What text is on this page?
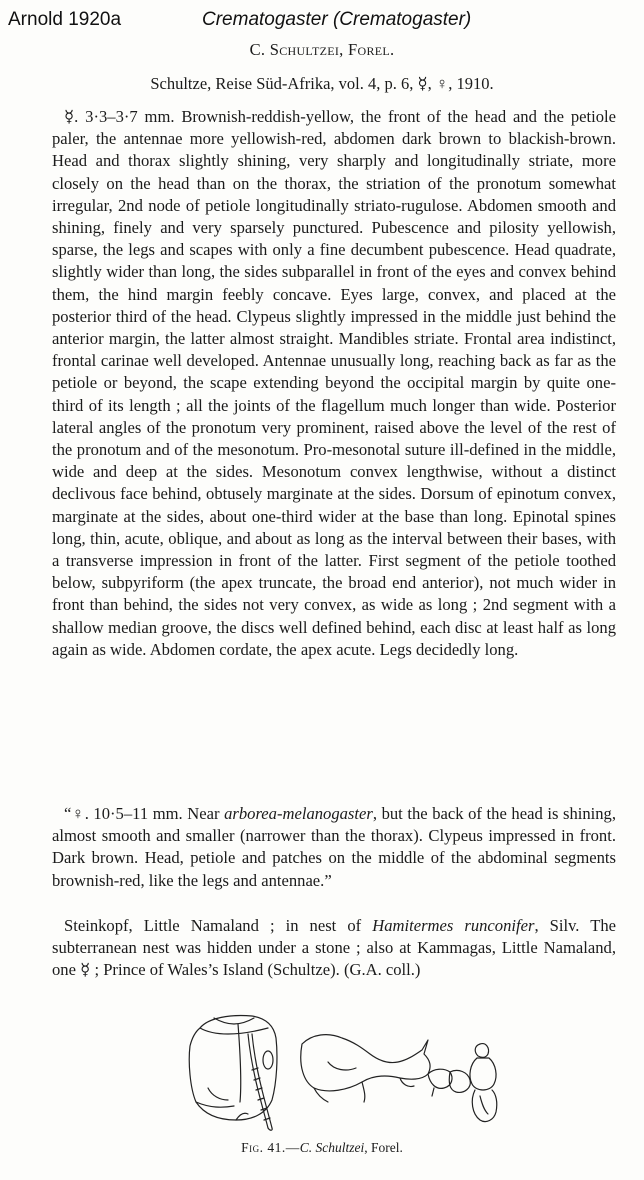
Arnold 1920a	Crematogaster (Crematogaster)
C. Schultzei, Forel.
Schultze, Reise Süd-Afrika, vol. 4, p. 6, ☿, ♀, 1910.

☿. 3·3–3·7 mm. Brownish-reddish-yellow, the front of the head and the petiole paler, the antennae more yellowish-red, abdomen dark brown to blackish-brown. Head and thorax slightly shining, very sharply and longitudinally striate, more closely on the head than on the thorax, the striation of the pronotum somewhat irregular, 2nd node of petiole longitudinally striato-rugulose. Abdomen smooth and shining, finely and very sparsely punctured. Pubescence and pilosity yellowish, sparse, the legs and scapes with only a fine decumbent pubescence. Head quadrate, slightly wider than long, the sides subparallel in front of the eyes and convex behind them, the hind margin feebly concave. Eyes large, convex, and placed at the posterior third of the head. Clypeus slightly impressed in the middle just behind the anterior margin, the latter almost straight. Mandibles striate. Frontal area indistinct, frontal carinae well developed. Antennae unusually long, reaching back as far as the petiole or beyond, the scape extending beyond the occipital margin by quite one-third of its length ; all the joints of the flagellum much longer than wide. Posterior lateral angles of the pronotum very prominent, raised above the level of the rest of the pronotum and of the mesonotum. Pro-mesonotal suture ill-defined in the middle, wide and deep at the sides. Mesonotum convex lengthwise, without a distinct declivous face behind, obtusely marginate at the sides. Dorsum of epinotum convex, marginate at the sides, about one-third wider at the base than long. Epinotal spines long, thin, acute, oblique, and about as long as the interval between their bases, with a transverse impression in front of the latter. First segment of the petiole toothed below, subpyriform (the apex truncate, the broad end anterior), not much wider in front than behind, the sides not very convex, as wide as long ; 2nd segment with a shallow median groove, the discs well defined behind, each disc at least half as long again as wide. Abdomen cordate, the apex acute. Legs decidedly long.

“♀. 10·5–11 mm. Near arborea-melanogaster, but the back of the head is shining, almost smooth and smaller (narrower than the thorax). Clypeus impressed in front. Dark brown. Head, petiole and patches on the middle of the abdominal segments brownish-red, like the legs and antennae.”

Steinkopf, Little Namaland ; in nest of Hamitermes runconifer, Silv. The subterranean nest was hidden under a stone ; also at Kammagas, Little Namaland, one ☿ ; Prince of Wales’s Island (Schultze). (G.A. coll.)

Fig. 41.—C. Schultzei, Forel.
